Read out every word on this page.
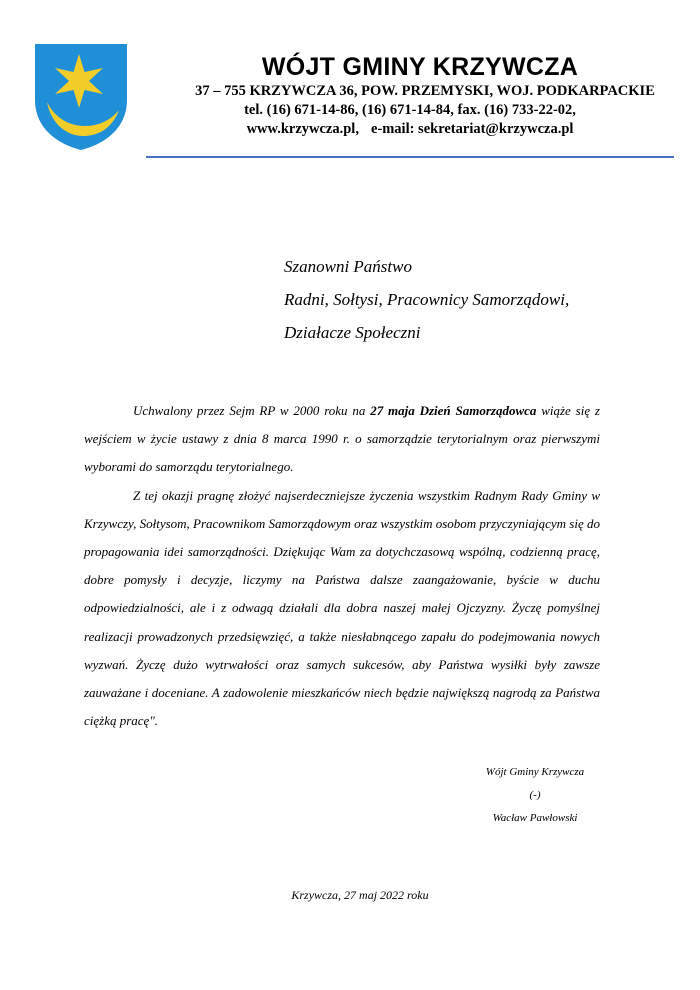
WÓJT GMINY KRZYWCZA
37 – 755 KRZYWCZA 36, POW. PRZEMYSKI, WOJ. PODKARPACKIE
tel. (16) 671-14-86, (16) 671-14-84, fax. (16) 733-22-02,
www.krzywcza.pl, e-mail: sekretariat@krzywcza.pl
Szanowni Państwo
Radni, Sołtysi, Pracownicy Samorządowi,
Działacze Społeczni

Uchwalony przez Sejm RP w 2000 roku na 27 maja Dzień Samorządowca wiąże się z wejściem w życie ustawy z dnia 8 marca 1990 r. o samorządzie terytorialnym oraz pierwszymi wyborami do samorządu terytorialnego.

Z tej okazji pragnę złożyć najserdeczniejsze życzenia wszystkim Radnym Rady Gminy w Krzywczy, Sołtysom, Pracownikom Samorządowym oraz wszystkim osobom przyczyniającym się do propagowania idei samorządności. Dziękując Wam za dotychczasową wspólną, codzienną pracę, dobre pomysły i decyzje, liczymy na Państwa dalsze zaangażowanie, byście w duchu odpowiedzialności, ale i z odwagą działali dla dobra naszej małej Ojczyzny. Życzę pomyślnej realizacji prowadzonych przedsięwzięć, a także niesłabnącego zapału do podejmowania nowych wyzwań. Życzę dużo wytrwałości oraz samych sukcesów, aby Państwa wysiłki były zawsze zauważane i doceniane. A zadowolenie mieszkańców niech będzie największą nagrodą za Państwa ciężką pracę".

Wójt Gminy Krzywcza
(-)
Wacław Pawłowski
Krzywcza, 27 maj 2022 roku
